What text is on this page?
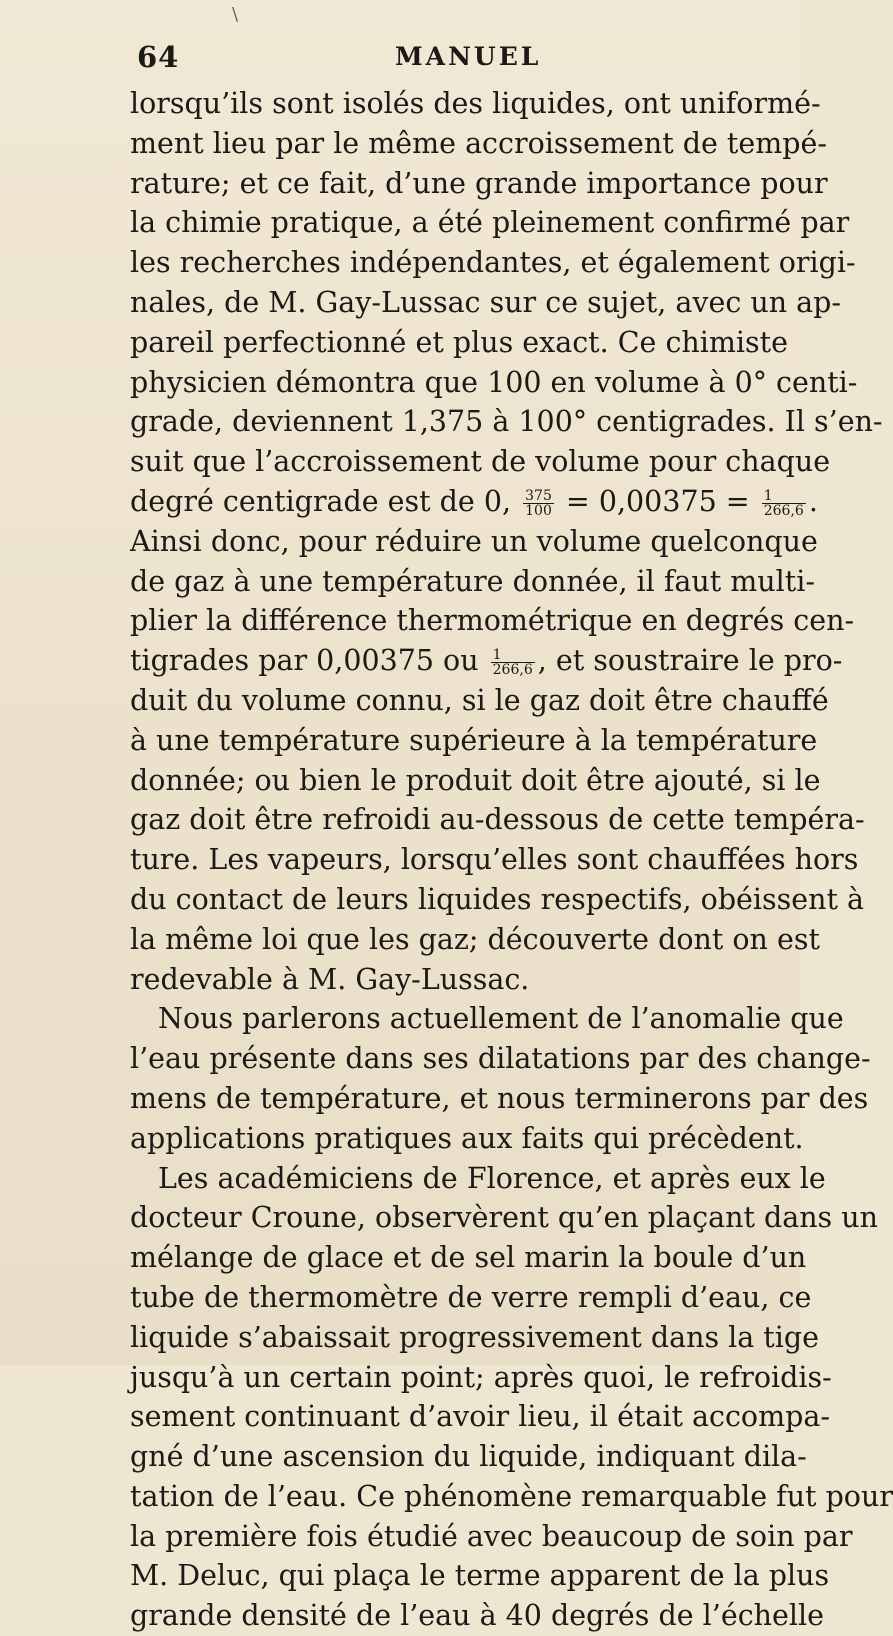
\
64	MANUEL
lorsqu’ils sont isolés des liquides, ont uniformé-
ment lieu par le même accroissement de tempé-
rature; et ce fait, d’une grande importance pour
la chimie pratique, a été pleinement confirmé par
les recherches indépendantes, et également origi-
nales, de M. Gay-Lussac sur ce sujet, avec un ap-
pareil perfectionné et plus exact. Ce chimiste
physicien démontra que 100 en volume à 0° centi-
grade, deviennent 1,375 à 100° centigrades. Il s’en-
suit que l’accroissement de volume pour chaque
degré centigrade est de 0, $\frac{375}{100} = 0,00375 = \frac{1}{266,6}$ .
Ainsi donc, pour réduire un volume quelconque
de gaz à une température donnée, il faut multi-
plier la différence thermométrique en degrés cen-
tigrades par 0,00375 ou $\frac{1}{266,6}$ , et soustraire le pro-
duit du volume connu, si le gaz doit être chauffé
à une température supérieure à la température
donnée; ou bien le produit doit être ajouté, si le
gaz doit être refroidi au-dessous de cette tempéra-
ture. Les vapeurs, lorsqu’elles sont chauffées hors
du contact de leurs liquides respectifs, obéissent à
la même loi que les gaz; découverte dont on est
redevable à M. Gay-Lussac.
Nous parlerons actuellement de l’anomalie que
l’eau présente dans ses dilatations par des change-
mens de température, et nous terminerons par des
applications pratiques aux faits qui précèdent.
Les académiciens de Florence, et après eux le
docteur Croune, observèrent qu’en plaçant dans un
mélange de glace et de sel marin la boule d’un
tube de thermomètre de verre rempli d’eau, ce
liquide s’abaissait progressivement dans la tige
jusqu’à un certain point; après quoi, le refroidis-
sement continuant d’avoir lieu, il était accompa-
gné d’une ascension du liquide, indiquant dila-
tation de l’eau. Ce phénomène remarquable fut pour
la première fois étudié avec beaucoup de soin par
M. Deluc, qui plaça le terme apparent de la plus
grande densité de l’eau à 40 degrés de l’échelle
